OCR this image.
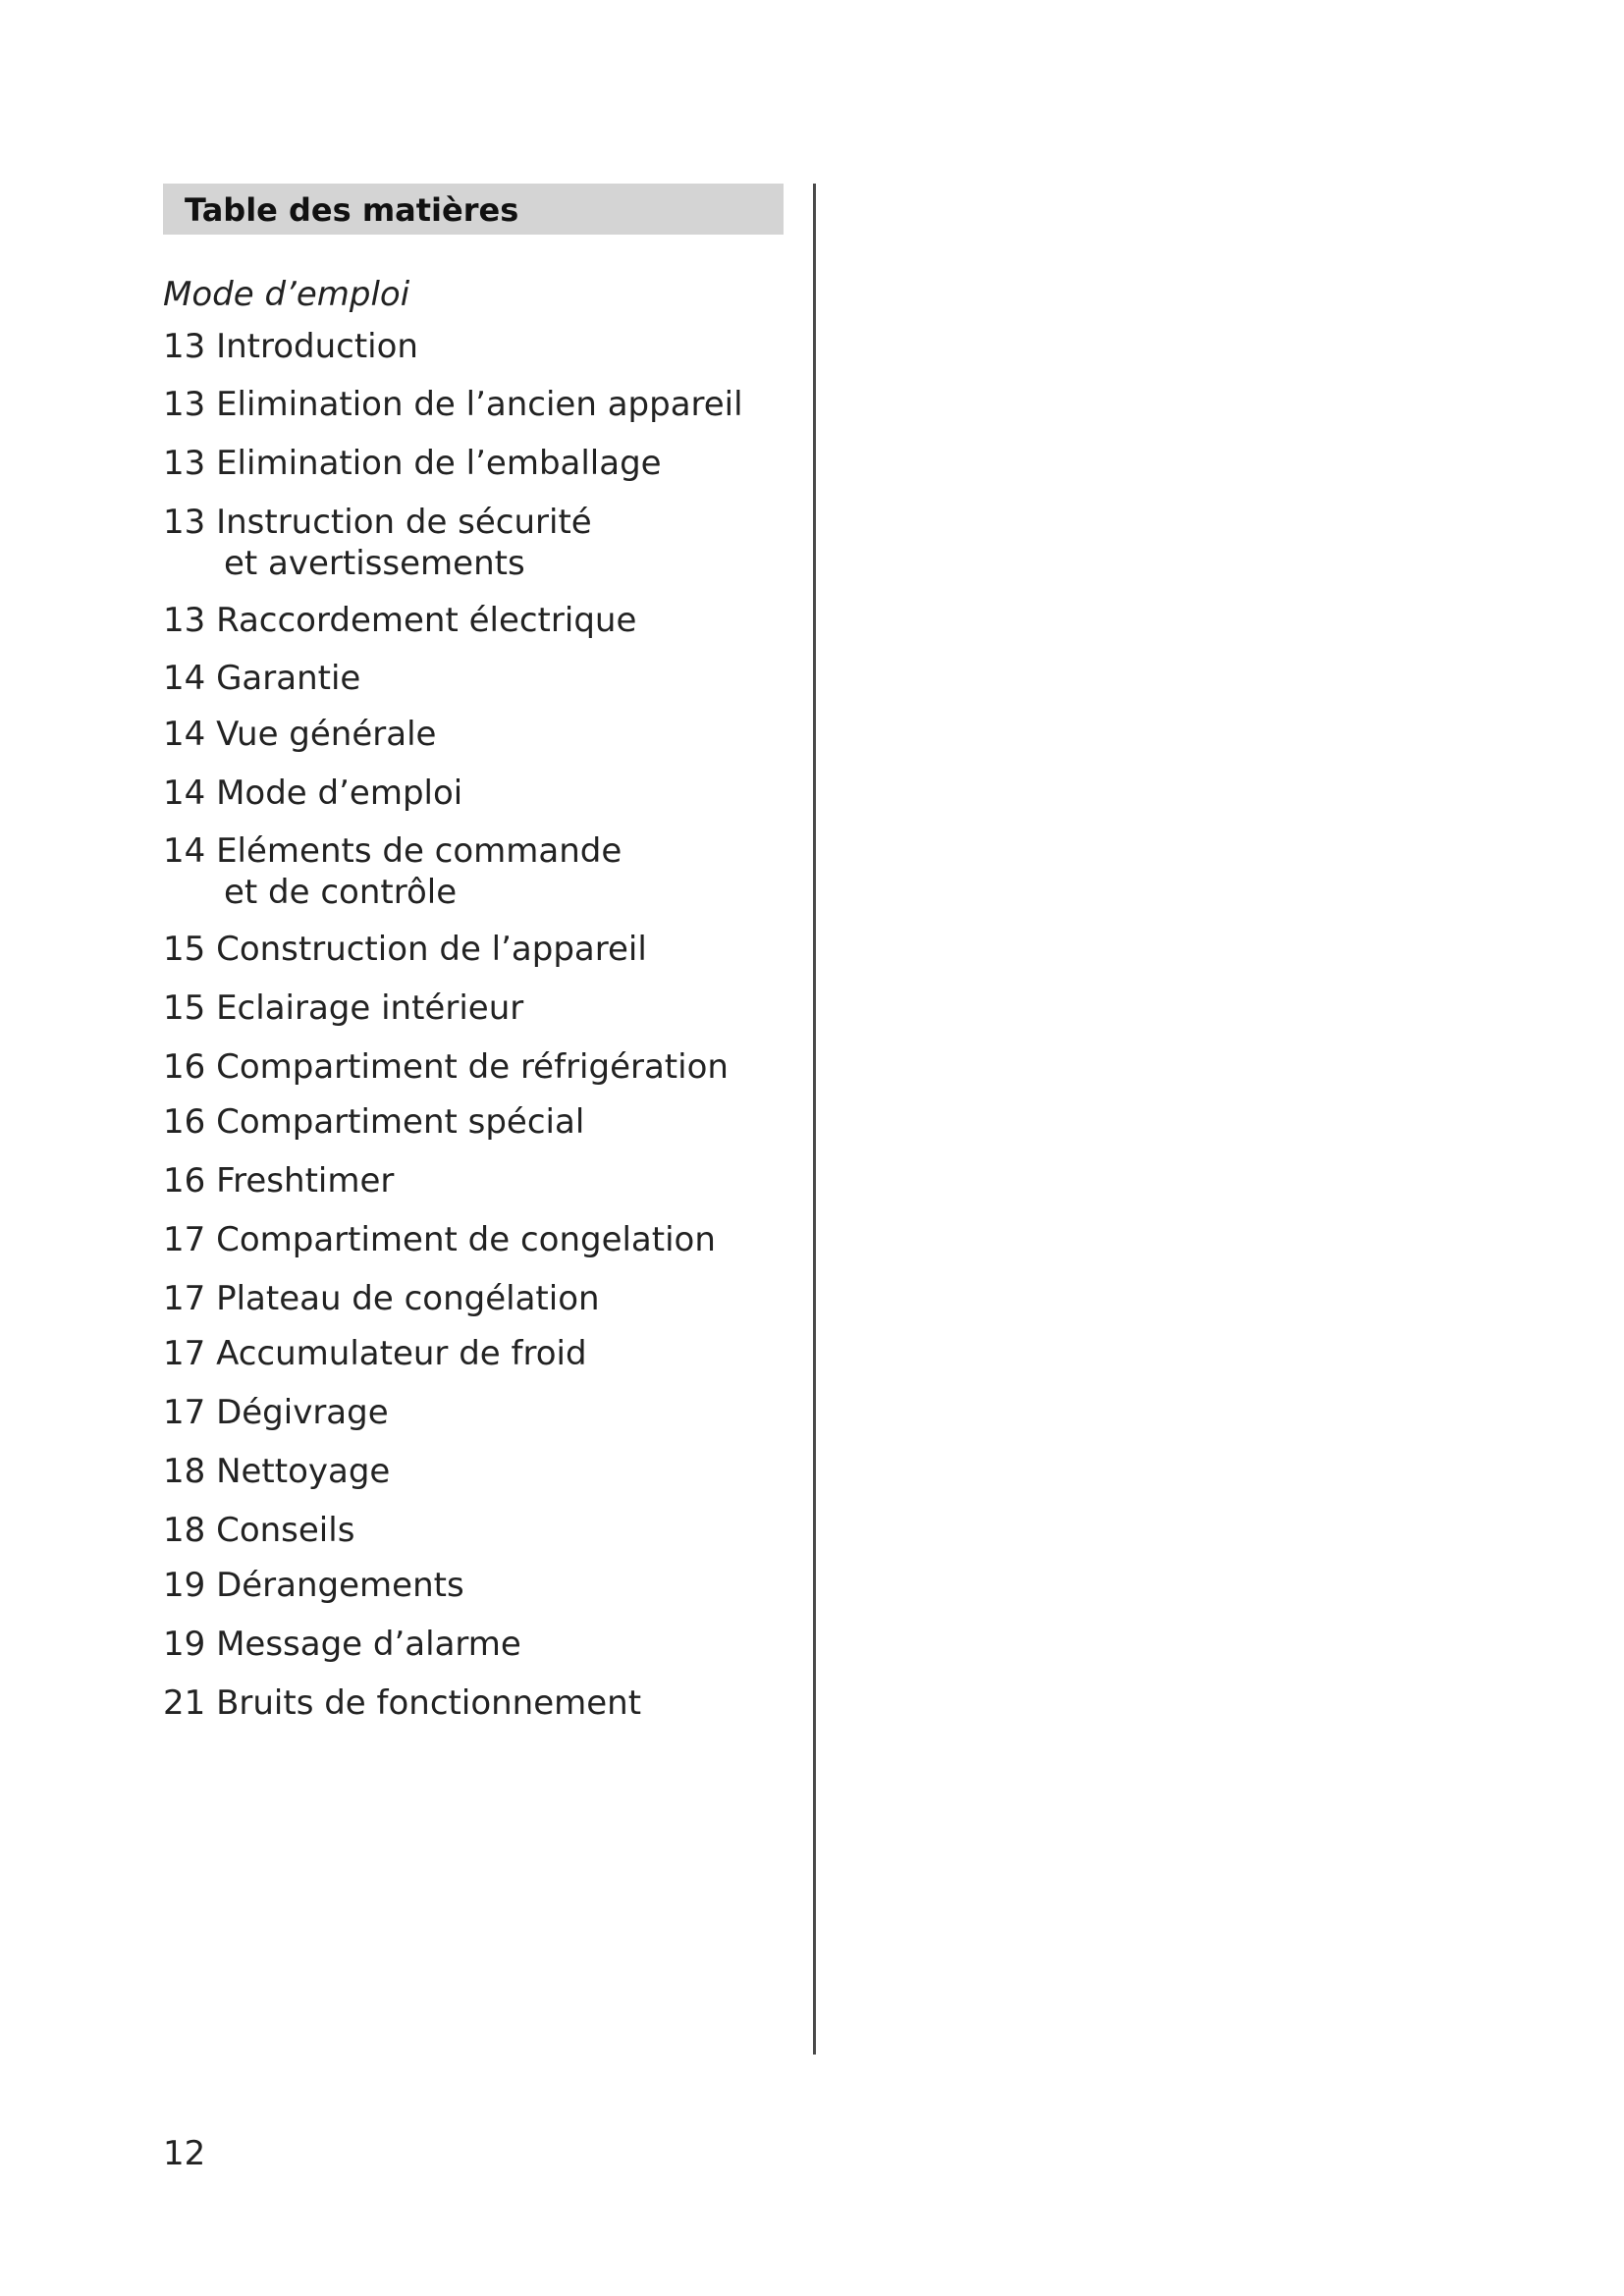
Table des matières
Mode d’emploi
13 Introduction
13 Elimination de l’ancien appareil
13 Elimination de l’emballage
13 Instruction de sécurité
et avertissements
13 Raccordement électrique
14 Garantie
14 Vue générale
14 Mode d’emploi
14 Eléments de commande
et de contrôle
15 Construction de l’appareil
15 Eclairage intérieur
16 Compartiment de réfrigération
16 Compartiment spécial
16 Freshtimer
17 Compartiment de congelation
17 Plateau de congélation
17 Accumulateur de froid
17 Dégivrage
18 Nettoyage
18 Conseils
19 Dérangements
19 Message d’alarme
21 Bruits de fonctionnement
12
